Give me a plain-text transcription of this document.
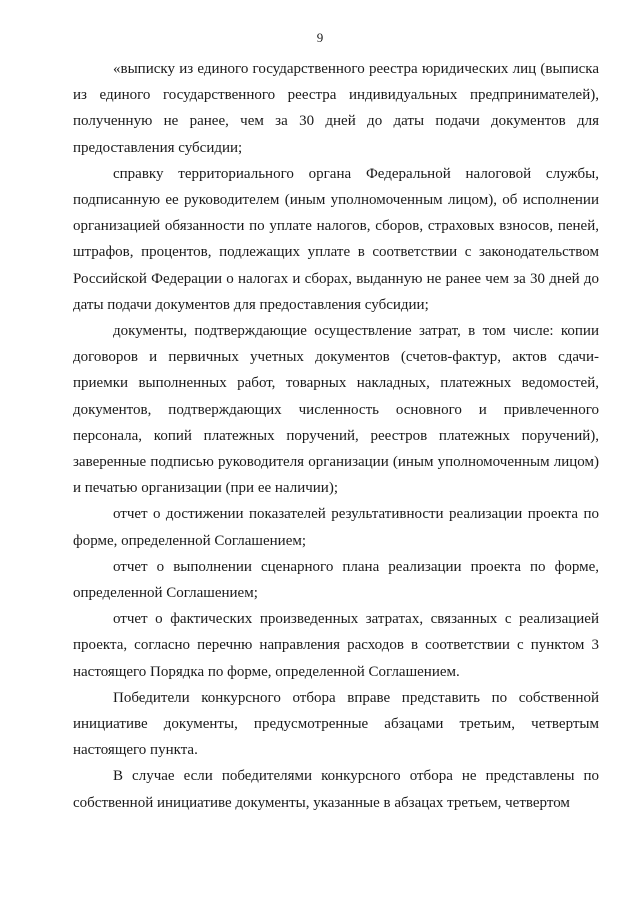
9

«выписку из единого государственного реестра юридических лиц (выписка из единого государственного реестра индивидуальных предпринимателей), полученную не ранее, чем за 30 дней до даты подачи документов для предоставления субсидии;

справку территориального органа Федеральной налоговой службы, подписанную ее руководителем (иным уполномоченным лицом), об исполнении организацией обязанности по уплате налогов, сборов, страховых взносов, пеней, штрафов, процентов, подлежащих уплате в соответствии с законодательством Российской Федерации о налогах и сборах, выданную не ранее чем за 30 дней до даты подачи документов для предоставления субсидии;

документы, подтверждающие осуществление затрат, в том числе: копии договоров и первичных учетных документов (счетов-фактур, актов сдачи-приемки выполненных работ, товарных накладных, платежных ведомостей, документов, подтверждающих численность основного и привлеченного персонала, копий платежных поручений, реестров платежных поручений), заверенные подписью руководителя организации (иным уполномоченным лицом) и печатью организации (при ее наличии);

отчет о достижении показателей результативности реализации проекта по форме, определенной Соглашением;

отчет о выполнении сценарного плана реализации проекта по форме, определенной Соглашением;

отчет о фактических произведенных затратах, связанных с реализацией проекта, согласно перечню направления расходов в соответствии с пунктом 3 настоящего Порядка по форме, определенной Соглашением.

Победители конкурсного отбора вправе представить по собственной инициативе документы, предусмотренные абзацами третьим, четвертым настоящего пункта.

В случае если победителями конкурсного отбора не представлены по собственной инициативе документы, указанные в абзацах третьем, четвертом
